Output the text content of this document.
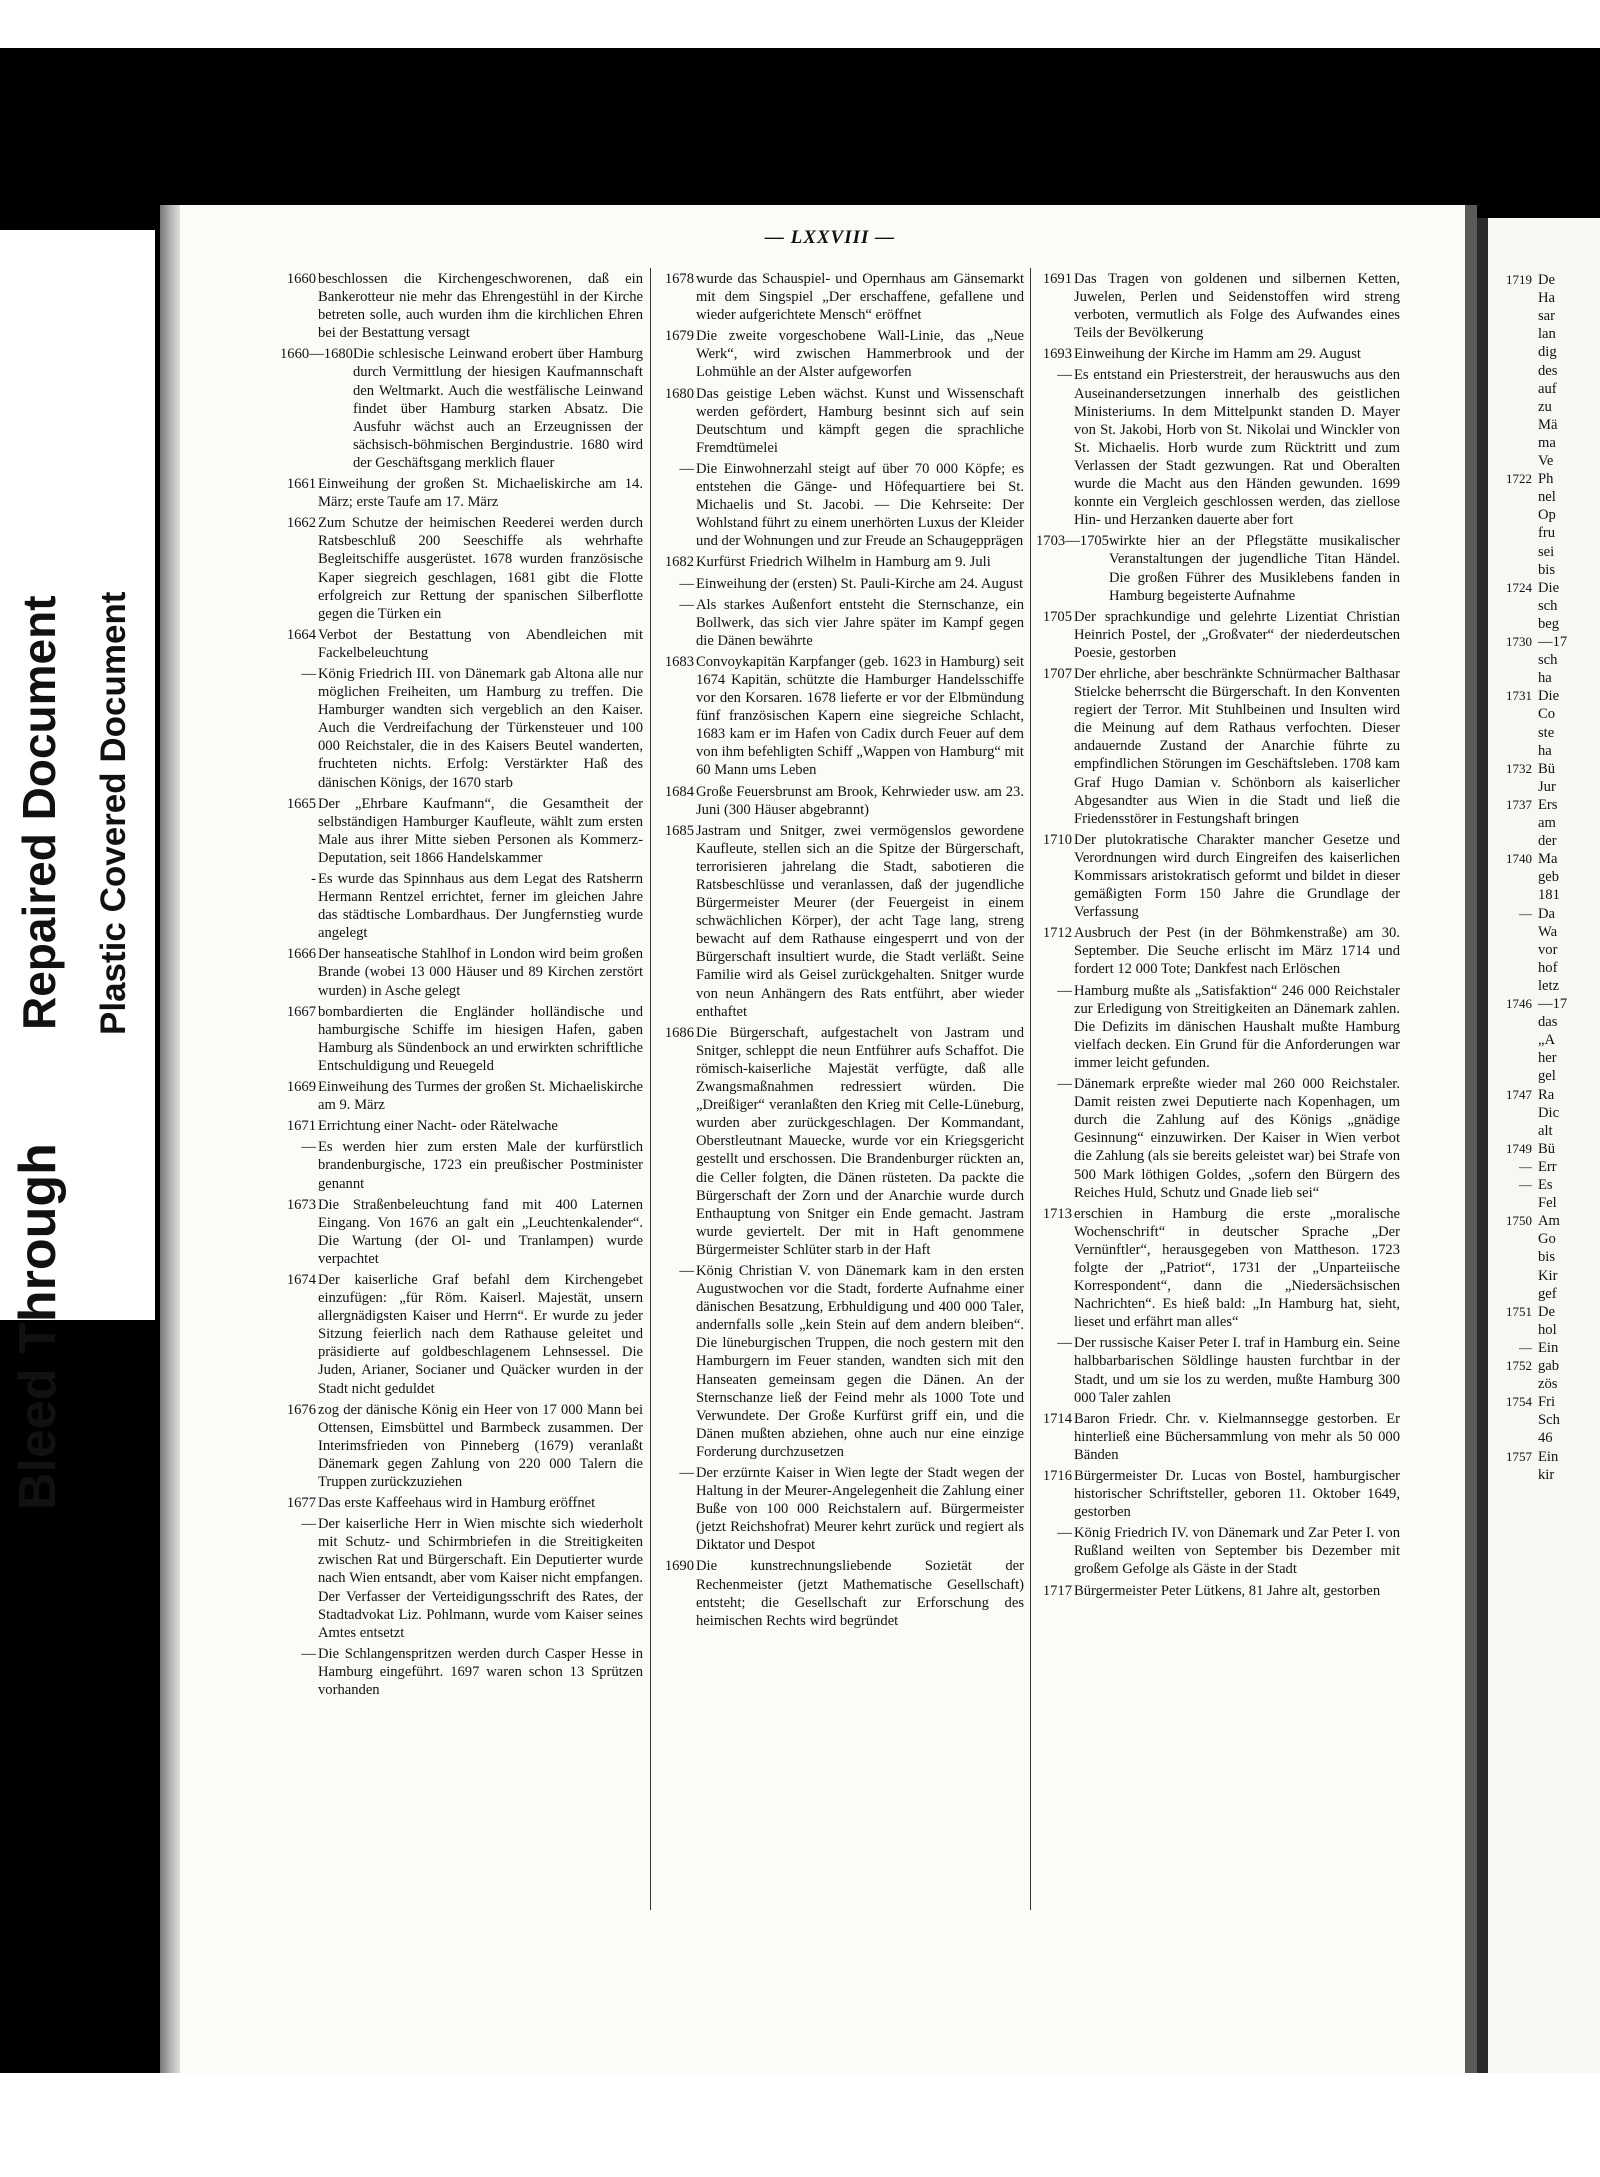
Bleed Through
Repaired Document Plastic Covered Document
1719 De
Ha
sar
lan
dig
des
auf
zu
Mä
ma
Ve
1722 Ph
nel
Op
fru
sei
bis
1724 Die
sch
beg
1730 —17
sch
ha
1731 Die
Co
ste
ha
1732 Bü
Jur
1737 Ers
am
der
1740 Ma
geb
181
— Da
Wa
vor
hof
letz
1746 —17
das
„A
her
gel
1747 Ra
Dic
alt
1749 Bü
— Err
— Es
Fel
1750 Am
Go
bis
Kir
gef
1751 De
hol
— Ein
1752 gab
zös
1754 Fri
Sch
46
1757 Ein
kir
— LXXVIII —
1660 beschlossen die Kirchengeschworenen, daß ein Bankerotteur nie mehr das Ehrengestühl in der Kirche betreten solle, auch wurden ihm die kirchlichen Ehren bei der Bestattung versagt
1660—1680 Die schlesische Leinwand erobert über Hamburg durch Vermittlung der hiesigen Kaufmannschaft den Weltmarkt. Auch die westfälische Leinwand findet über Hamburg starken Absatz. Die Ausfuhr wächst auch an Erzeugnissen der sächsisch-böhmischen Bergindustrie. 1680 wird der Geschäftsgang merklich flauer
1661 Einweihung der großen St. Michaeliskirche am 14. März; erste Taufe am 17. März
1662 Zum Schutze der heimischen Reederei werden durch Ratsbeschluß 200 Seeschiffe als wehrhafte Begleitschiffe ausgerüstet. 1678 wurden französische Kaper siegreich geschlagen, 1681 gibt die Flotte erfolgreich zur Rettung der spanischen Silberflotte gegen die Türken ein
1664 Verbot der Bestattung von Abendleichen mit Fackelbeleuchtung
— König Friedrich III. von Dänemark gab Altona alle nur möglichen Freiheiten, um Hamburg zu treffen. Die Hamburger wandten sich vergeblich an den Kaiser. Auch die Verdreifachung der Türkensteuer und 100 000 Reichstaler, die in des Kaisers Beutel wanderten, fruchteten nichts. Erfolg: Verstärkter Haß des dänischen Königs, der 1670 starb
1665 Der „Ehrbare Kaufmann“, die Gesamtheit der selbständigen Hamburger Kaufleute, wählt zum ersten Male aus ihrer Mitte sieben Personen als Kommerz-Deputation, seit 1866 Handelskammer
- Es wurde das Spinnhaus aus dem Legat des Ratsherrn Hermann Rentzel errichtet, ferner im gleichen Jahre das städtische Lombardhaus. Der Jungfernstieg wurde angelegt
1666 Der hanseatische Stahlhof in London wird beim großen Brande (wobei 13 000 Häuser und 89 Kirchen zerstört wurden) in Asche gelegt
1667 bombardierten die Engländer holländische und hamburgische Schiffe im hiesigen Hafen, gaben Hamburg als Sündenbock an und erwirkten schriftliche Entschuldigung und Reuegeld
1669 Einweihung des Turmes der großen St. Michaeliskirche am 9. März
1671 Errichtung einer Nacht- oder Rätelwache
— Es werden hier zum ersten Male der kurfürstlich brandenburgische, 1723 ein preußischer Postminister genannt
1673 Die Straßenbeleuchtung fand mit 400 Laternen Eingang. Von 1676 an galt ein „Leuchtenkalender“. Die Wartung (der Ol- und Tranlampen) wurde verpachtet
1674 Der kaiserliche Graf befahl dem Kirchengebet einzufügen: „für Röm. Kaiserl. Majestät, unsern allergnädigsten Kaiser und Herrn“. Er wurde zu jeder Sitzung feierlich nach dem Rathause geleitet und präsidierte auf goldbeschlagenem Lehnsessel. Die Juden, Arianer, Socianer und Quäcker wurden in der Stadt nicht geduldet
1676 zog der dänische König ein Heer von 17 000 Mann bei Ottensen, Eimsbüttel und Barmbeck zusammen. Der Interimsfrieden von Pinneberg (1679) veranlaßt Dänemark gegen Zahlung von 220 000 Talern die Truppen zurückzuziehen
1677 Das erste Kaffeehaus wird in Hamburg eröffnet
— Der kaiserliche Herr in Wien mischte sich wiederholt mit Schutz- und Schirmbriefen in die Streitigkeiten zwischen Rat und Bürgerschaft. Ein Deputierter wurde nach Wien entsandt, aber vom Kaiser nicht empfangen. Der Verfasser der Verteidigungsschrift des Rates, der Stadtadvokat Liz. Pohlmann, wurde vom Kaiser seines Amtes entsetzt
— Die Schlangenspritzen werden durch Casper Hesse in Hamburg eingeführt. 1697 waren schon 13 Sprützen vorhanden
1678 wurde das Schauspiel- und Opernhaus am Gänsemarkt mit dem Singspiel „Der erschaffene, gefallene und wieder aufgerichtete Mensch“ eröffnet
1679 Die zweite vorgeschobene Wall-Linie, das „Neue Werk“, wird zwischen Hammerbrook und der Lohmühle an der Alster aufgeworfen
1680 Das geistige Leben wächst. Kunst und Wissenschaft werden gefördert, Hamburg besinnt sich auf sein Deutschtum und kämpft gegen die sprachliche Fremdtümelei
— Die Einwohnerzahl steigt auf über 70 000 Köpfe; es entstehen die Gänge- und Höfequartiere bei St. Michaelis und St. Jacobi. — Die Kehrseite: Der Wohlstand führt zu einem unerhörten Luxus der Kleider und der Wohnungen und zur Freude an Schaugepprägen
1682 Kurfürst Friedrich Wilhelm in Hamburg am 9. Juli
— Einweihung der (ersten) St. Pauli-Kirche am 24. August
— Als starkes Außenfort entsteht die Sternschanze, ein Bollwerk, das sich vier Jahre später im Kampf gegen die Dänen bewährte
1683 Convoykapitän Karpfanger (geb. 1623 in Hamburg) seit 1674 Kapitän, schützte die Hamburger Handelsschiffe vor den Korsaren. 1678 lieferte er vor der Elbmündung fünf französischen Kapern eine siegreiche Schlacht, 1683 kam er im Hafen von Cadix durch Feuer auf dem von ihm befehligten Schiff „Wappen von Hamburg“ mit 60 Mann ums Leben
1684 Große Feuersbrunst am Brook, Kehrwieder usw. am 23. Juni (300 Häuser abgebrannt)
1685 Jastram und Snitger, zwei vermögenslos gewordene Kaufleute, stellen sich an die Spitze der Bürgerschaft, terrorisieren jahrelang die Stadt, sabotieren die Ratsbeschlüsse und veranlassen, daß der jugendliche Bürgermeister Meurer (der Feuergeist in einem schwächlichen Körper), der acht Tage lang, streng bewacht auf dem Rathause eingesperrt und von der Bürgerschaft insultiert wurde, die Stadt verläßt. Seine Familie wird als Geisel zurückgehalten. Snitger wurde von neun Anhängern des Rats entführt, aber wieder enthaftet
1686 Die Bürgerschaft, aufgestachelt von Jastram und Snitger, schleppt die neun Entführer aufs Schaffot. Die römisch-kaiserliche Majestät verfügte, daß alle Zwangsmaßnahmen redressiert würden. Die „Dreißiger“ veranlaßten den Krieg mit Celle-Lüneburg, wurden aber zurückgeschlagen. Der Kommandant, Oberstleutnant Mauecke, wurde vor ein Kriegsgericht gestellt und erschossen. Die Brandenburger rückten an, die Celler folgten, die Dänen rüsteten. Da packte die Bürgerschaft der Zorn und der Anarchie wurde durch Enthauptung von Snitger ein Ende gemacht. Jastram wurde geviertelt. Der mit in Haft genommene Bürgermeister Schlüter starb in der Haft
— König Christian V. von Dänemark kam in den ersten Augustwochen vor die Stadt, forderte Aufnahme einer dänischen Besatzung, Erbhuldigung und 400 000 Taler, andernfalls solle „kein Stein auf dem andern bleiben“. Die lüneburgischen Truppen, die noch gestern mit den Hamburgern im Feuer standen, wandten sich mit den Hanseaten gemeinsam gegen die Dänen. An der Sternschanze ließ der Feind mehr als 1000 Tote und Verwundete. Der Große Kurfürst griff ein, und die Dänen mußten abziehen, ohne auch nur eine einzige Forderung durchzusetzen
— Der erzürnte Kaiser in Wien legte der Stadt wegen der Haltung in der Meurer-Angelegenheit die Zahlung einer Buße von 100 000 Reichstalern auf. Bürgermeister (jetzt Reichshofrat) Meurer kehrt zurück und regiert als Diktator und Despot
1690 Die kunstrechnungsliebende Sozietät der Rechenmeister (jetzt Mathematische Gesellschaft) entsteht; die Gesellschaft zur Erforschung des heimischen Rechts wird begründet
1691 Das Tragen von goldenen und silbernen Ketten, Juwelen, Perlen und Seidenstoffen wird streng verboten, vermutlich als Folge des Aufwandes eines Teils der Bevölkerung
1693 Einweihung der Kirche im Hamm am 29. August
— Es entstand ein Priesterstreit, der herauswuchs aus den Auseinandersetzungen innerhalb des geistlichen Ministeriums. In dem Mittelpunkt standen D. Mayer von St. Jakobi, Horb von St. Nikolai und Winckler von St. Michaelis. Horb wurde zum Rücktritt und zum Verlassen der Stadt gezwungen. Rat und Oberalten wurde die Macht aus den Händen gewunden. 1699 konnte ein Vergleich geschlossen werden, das ziellose Hin- und Herzanken dauerte aber fort
1703—1705 wirkte hier an der Pflegstätte musikalischer Veranstaltungen der jugendliche Titan Händel. Die großen Führer des Musiklebens fanden in Hamburg begeisterte Aufnahme
1705 Der sprachkundige und gelehrte Lizentiat Christian Heinrich Postel, der „Großvater“ der niederdeutschen Poesie, gestorben
1707 Der ehrliche, aber beschränkte Schnürmacher Balthasar Stielcke beherrscht die Bürgerschaft. In den Konventen regiert der Terror. Mit Stuhlbeinen und Insulten wird die Meinung auf dem Rathaus verfochten. Dieser andauernde Zustand der Anarchie führte zu empfindlichen Störungen im Geschäftsleben. 1708 kam Graf Hugo Damian v. Schönborn als kaiserlicher Abgesandter aus Wien in die Stadt und ließ die Friedensstörer in Festungshaft bringen
1710 Der plutokratische Charakter mancher Gesetze und Verordnungen wird durch Eingreifen des kaiserlichen Kommissars aristokratisch geformt und bildet in dieser gemäßigten Form 150 Jahre die Grundlage der Verfassung
1712 Ausbruch der Pest (in der Böhmkenstraße) am 30. September. Die Seuche erlischt im März 1714 und fordert 12 000 Tote; Dankfest nach Erlöschen
— Hamburg mußte als „Satisfaktion“ 246 000 Reichstaler zur Erledigung von Streitigkeiten an Dänemark zahlen. Die Defizits im dänischen Haushalt mußte Hamburg vielfach decken. Ein Grund für die Anforderungen war immer leicht gefunden.
— Dänemark erpreßte wieder mal 260 000 Reichstaler. Damit reisten zwei Deputierte nach Kopenhagen, um durch die Zahlung auf des Königs „gnädige Gesinnung“ einzuwirken. Der Kaiser in Wien verbot die Zahlung (als sie bereits geleistet war) bei Strafe von 500 Mark löthigen Goldes, „sofern den Bürgern des Reiches Huld, Schutz und Gnade lieb sei“
1713 erschien in Hamburg die erste „moralische Wochenschrift“ in deutscher Sprache „Der Vernünftler“, herausgegeben von Mattheson. 1723 folgte der „Patriot“, 1731 der „Unparteiische Korrespondent“, dann die „Niedersächsischen Nachrichten“. Es hieß bald: „In Hamburg hat, sieht, lieset und erfährt man alles“
— Der russische Kaiser Peter I. traf in Hamburg ein. Seine halbbarbarischen Söldlinge hausten furchtbar in der Stadt, und um sie los zu werden, mußte Hamburg 300 000 Taler zahlen
1714 Baron Friedr. Chr. v. Kielmannsegge gestorben. Er hinterließ eine Büchersammlung von mehr als 50 000 Bänden
1716 Bürgermeister Dr. Lucas von Bostel, hamburgischer historischer Schriftsteller, geboren 11. Oktober 1649, gestorben
— König Friedrich IV. von Dänemark und Zar Peter I. von Rußland weilten von September bis Dezember mit großem Gefolge als Gäste in der Stadt
1717 Bürgermeister Peter Lütkens, 81 Jahre alt, gestorben
